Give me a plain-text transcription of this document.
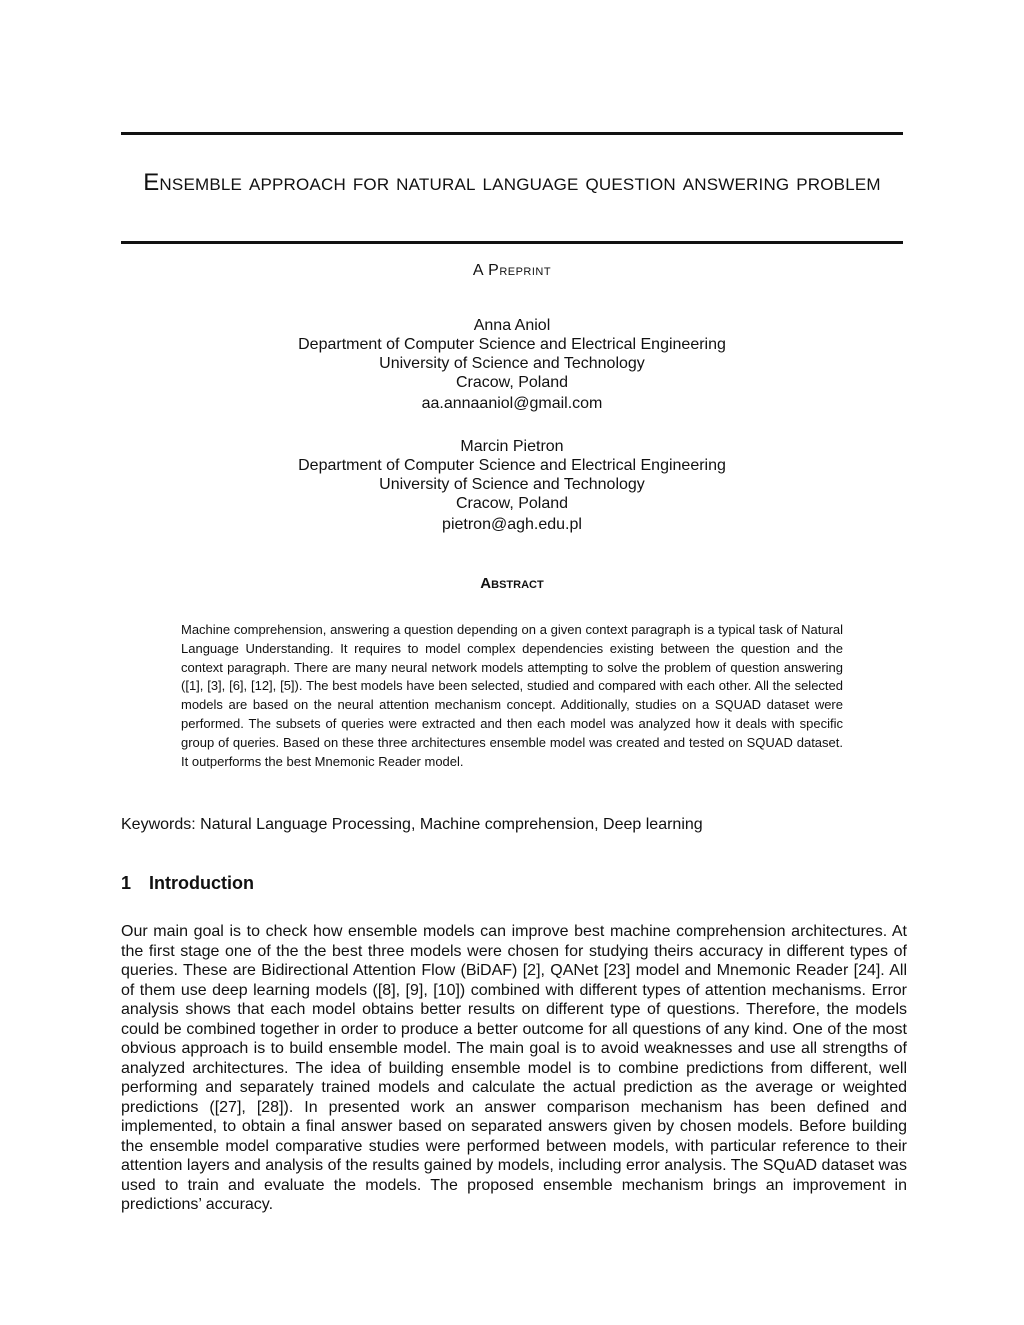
Ensemble approach for natural language question answering problem
A Preprint
Anna Aniol
Department of Computer Science and Electrical Engineering
University of Science and Technology
Cracow, Poland
aa.annaaniol@gmail.com
Marcin Pietron
Department of Computer Science and Electrical Engineering
University of Science and Technology
Cracow, Poland
pietron@agh.edu.pl
Abstract
Machine comprehension, answering a question depending on a given context paragraph is a typical task of Natural Language Understanding. It requires to model complex dependencies existing between the question and the context paragraph. There are many neural network models attempting to solve the problem of question answering ([1], [3], [6], [12], [5]). The best models have been selected, studied and compared with each other. All the selected models are based on the neural attention mechanism concept. Additionally, studies on a SQUAD dataset were performed. The subsets of queries were extracted and then each model was analyzed how it deals with specific group of queries. Based on these three architectures ensemble model was created and tested on SQUAD dataset. It outperforms the best Mnemonic Reader model.
Keywords: Natural Language Processing, Machine comprehension, Deep learning
1 Introduction
Our main goal is to check how ensemble models can improve best machine comprehension architectures. At the first stage one of the the best three models were chosen for studying theirs accuracy in different types of queries. These are Bidirectional Attention Flow (BiDAF) [2], QANet [23] model and Mnemonic Reader [24]. All of them use deep learning models ([8], [9], [10]) combined with different types of attention mechanisms. Error analysis shows that each model obtains better results on different type of questions. Therefore, the models could be combined together in order to produce a better outcome for all questions of any kind. One of the most obvious approach is to build ensemble model. The main goal is to avoid weaknesses and use all strengths of analyzed architectures. The idea of building ensemble model is to combine predictions from different, well performing and separately trained models and calculate the actual prediction as the average or weighted predictions ([27], [28]). In presented work an answer comparison mechanism has been defined and implemented, to obtain a final answer based on separated answers given by chosen models. Before building the ensemble model comparative studies were performed between models, with particular reference to their attention layers and analysis of the results gained by models, including error analysis. The SQuAD dataset was used to train and evaluate the models. The proposed ensemble mechanism brings an improvement in predictions’ accuracy.
